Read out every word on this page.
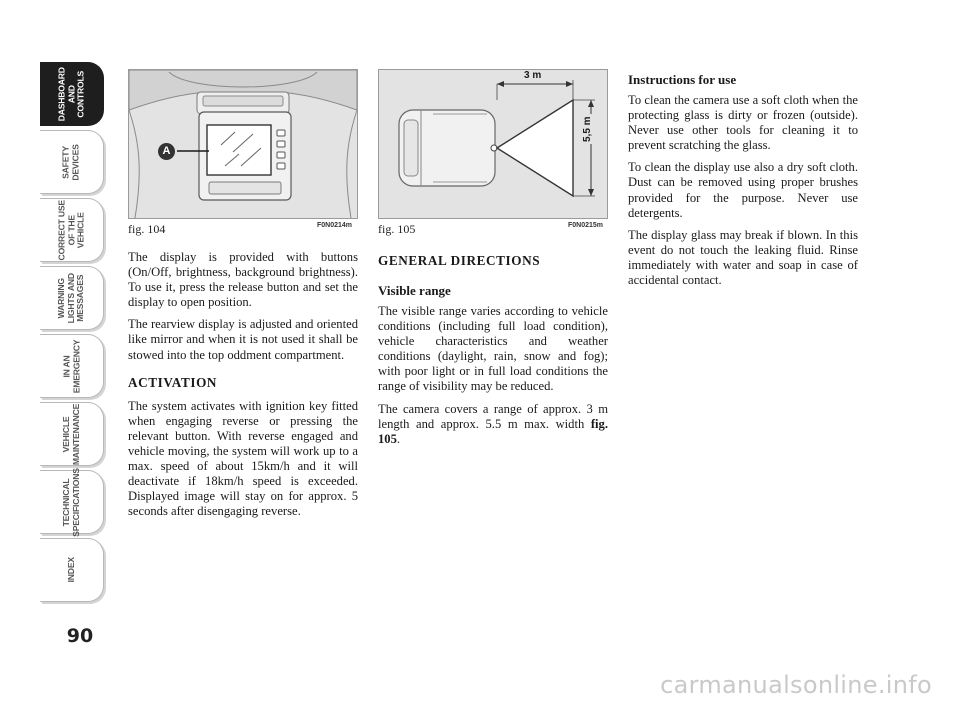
DASHBOARD
AND CONTROLS
SAFETY
DEVICES
CORRECT USE
OF THE VEHICLE
WARNING
LIGHTS AND
MESSAGES
IN AN
EMERGENCY
VEHICLE
MAINTENANCE
TECHNICAL
SPECIFICATIONS
INDEX
90
A
fig. 104	F0N0214m
3 m
5,5 m
fig. 105	F0N0215m

The display is provided with buttons (On/Off, brightness, background brightness). To use it, press the release button and set the display to open position.

The rearview display is adjusted and oriented like mirror and when it is not used it shall be stowed into the top oddment compartment.

ACTIVATION

The system activates with ignition key fitted when engaging reverse or pressing the relevant button. With reverse engaged and vehicle moving, the system will work up to a max. speed of about 15km/h and it will deactivate if 18km/h speed is exceeded. Displayed image will stay on for approx. 5 seconds after disengaging reverse.

GENERAL DIRECTIONS
Visible range

The visible range varies according to vehicle conditions (including full load condition), vehicle characteristics and weather conditions (daylight, rain, snow and fog); with poor light or in full load conditions the range of visibility may be reduced.

The camera covers a range of approx. 3 m length and approx. 5.5 m max. width fig. 105.

Instructions for use

To clean the camera use a soft cloth when the protecting glass is dirty or frozen (outside). Never use other tools for cleaning it to prevent scratching the glass.

To clean the display use also a dry soft cloth. Dust can be removed using proper brushes provided for the purpose. Never use detergents.

The display glass may break if blown. In this event do not touch the leaking fluid. Rinse immediately with water and soap in case of accidental contact.

carmanualsonline.info
